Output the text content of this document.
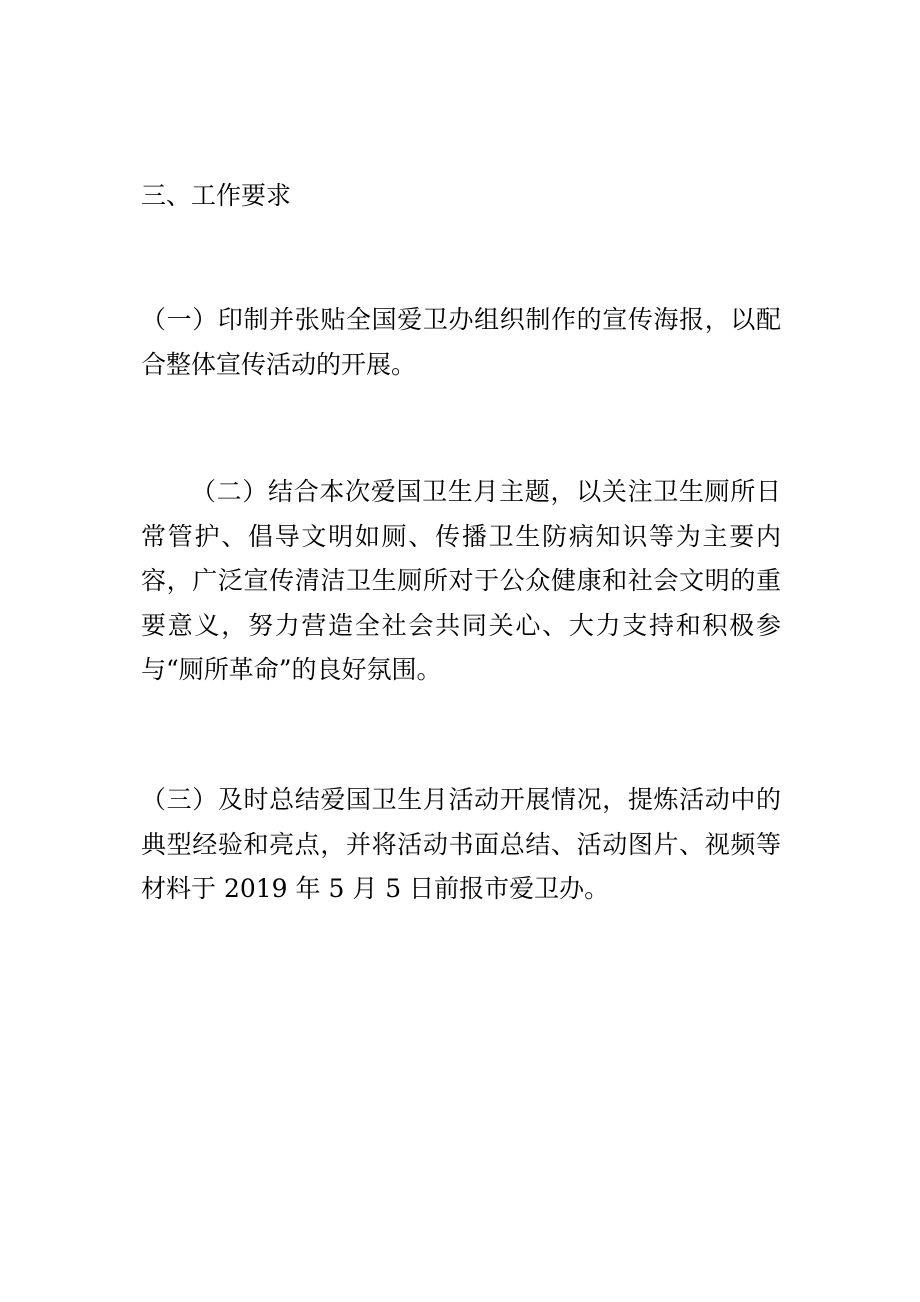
三、工作要求

（一）印制并张贴全国爱卫办组织制作的宣传海报，以配合整体宣传活动的开展。

（二）结合本次爱国卫生月主题，以关注卫生厕所日常管护、倡导文明如厕、传播卫生防病知识等为主要内容，广泛宣传清洁卫生厕所对于公众健康和社会文明的重要意义，努力营造全社会共同关心、大力支持和积极参与“厕所革命”的良好氛围。

（三）及时总结爱国卫生月活动开展情况，提炼活动中的典型经验和亮点，并将活动书面总结、活动图片、视频等材料于 2019 年 5 月 5 日前报市爱卫办。
